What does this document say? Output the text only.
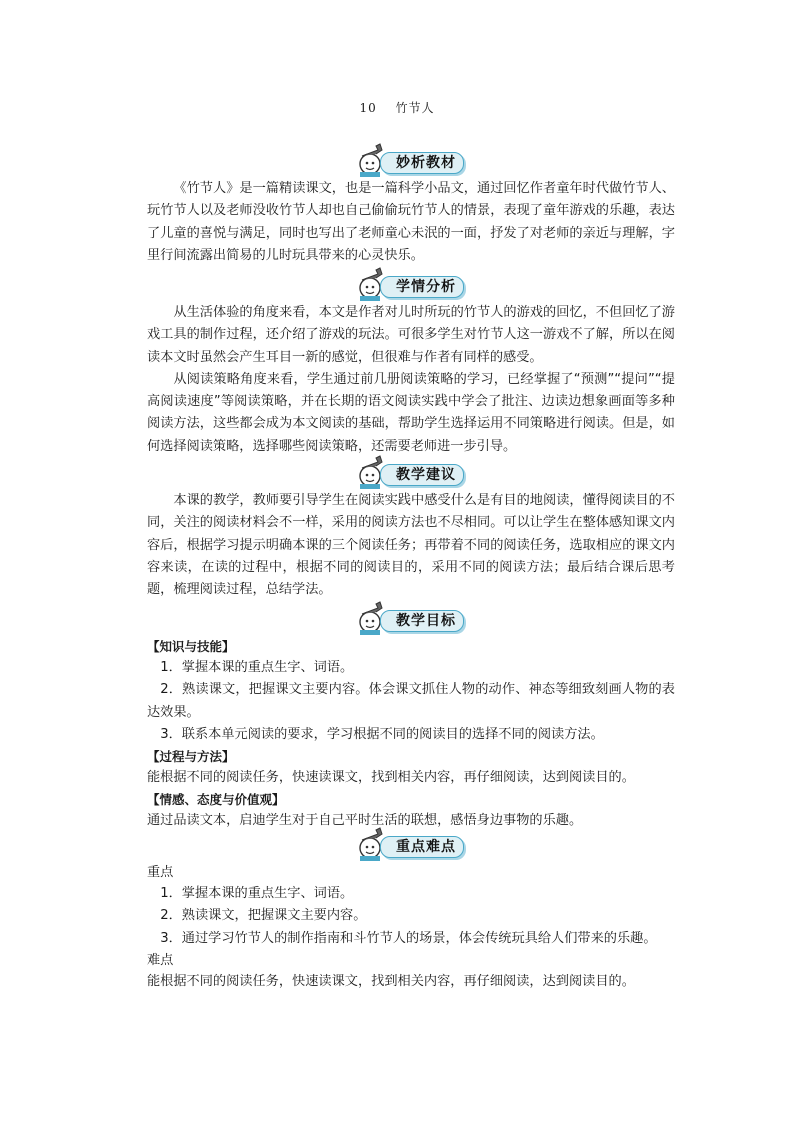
10 竹节人
妙析教材

《竹节人》是一篇精读课文，也是一篇科学小品文，通过回忆作者童年时代做竹节人、玩竹节人以及老师没收竹节人却也自己偷偷玩竹节人的情景，表现了童年游戏的乐趣，表达了儿童的喜悦与满足，同时也写出了老师童心未泯的一面，抒发了对老师的亲近与理解，字里行间流露出简易的儿时玩具带来的心灵快乐。

学情分析

从生活体验的角度来看，本文是作者对儿时所玩的竹节人的游戏的回忆，不但回忆了游戏工具的制作过程，还介绍了游戏的玩法。可很多学生对竹节人这一游戏不了解，所以在阅读本文时虽然会产生耳目一新的感觉，但很难与作者有同样的感受。

从阅读策略角度来看，学生通过前几册阅读策略的学习，已经掌握了“预测”“提问”“提高阅读速度”等阅读策略，并在长期的语文阅读实践中学会了批注、边读边想象画面等多种阅读方法，这些都会成为本文阅读的基础，帮助学生选择运用不同策略进行阅读。但是，如何选择阅读策略，选择哪些阅读策略，还需要老师进一步引导。

教学建议

本课的教学，教师要引导学生在阅读实践中感受什么是有目的地阅读，懂得阅读目的不同，关注的阅读材料会不一样，采用的阅读方法也不尽相同。可以让学生在整体感知课文内容后，根据学习提示明确本课的三个阅读任务；再带着不同的阅读任务，选取相应的课文内容来读，在读的过程中，根据不同的阅读目的，采用不同的阅读方法；最后结合课后思考题，梳理阅读过程，总结学法。

教学目标
【知识与技能】

1．掌握本课的重点生字、词语。

2．熟读课文，把握课文主要内容。体会课文抓住人物的动作、神态等细致刻画人物的表达效果。

3．联系本单元阅读的要求，学习根据不同的阅读目的选择不同的阅读方法。

【过程与方法】

能根据不同的阅读任务，快速读课文，找到相关内容，再仔细阅读，达到阅读目的。

【情感、态度与价值观】

通过品读文本，启迪学生对于自己平时生活的联想，感悟身边事物的乐趣。

重点难点

重点

1．掌握本课的重点生字、词语。

2．熟读课文，把握课文主要内容。

3．通过学习竹节人的制作指南和斗竹节人的场景，体会传统玩具给人们带来的乐趣。

难点

能根据不同的阅读任务，快速读课文，找到相关内容，再仔细阅读，达到阅读目的。
